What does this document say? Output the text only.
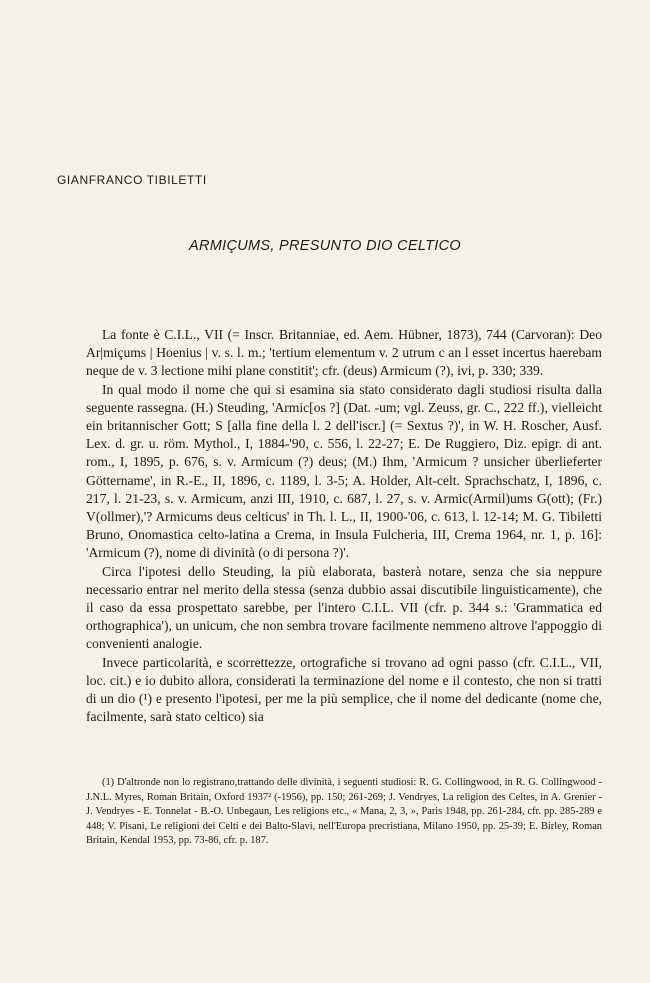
GIANFRANCO TIBILETTI
ARMIÇUMS, PRESUNTO DIO CELTICO

La fonte è C.I.L., VII (= Inscr. Britanniae, ed. Aem. Hübner, 1873), 744 (Carvoran): Deo Ar|miçums | Hoenius | v. s. l. m.; 'tertium elementum v. 2 utrum c an l esset incertus haerebam neque de v. 3 lectione mihi plane constitit'; cfr. (deus) Armicum (?), ivi, p. 330; 339.

In qual modo il nome che qui si esamina sia stato considerato dagli studiosi risulta dalla seguente rassegna. (H.) Steuding, 'Armic[os ?] (Dat. -um; vgl. Zeuss, gr. C., 222 ff.), vielleicht ein britannischer Gott; S [alla fine della l. 2 dell'iscr.] (= Sextus ?)', in W. H. Roscher, Ausf. Lex. d. gr. u. röm. Mythol., I, 1884-'90, c. 556, l. 22-27; E. De Ruggiero, Diz. epigr. di ant. rom., I, 1895, p. 676, s. v. Armicum (?) deus; (M.) Ihm, 'Armicum ? unsicher überlieferter Göttername', in R.-E., II, 1896, c. 1189, l. 3-5; A. Holder, Alt-celt. Sprachschatz, I, 1896, c. 217, l. 21-23, s. v. Armicum, anzi III, 1910, c. 687, l. 27, s. v. Armic(Armil)ums G(ott); (Fr.) V(ollmer),'? Armicums deus celticus' in Th. l. L., II, 1900-'06, c. 613, l. 12-14; M. G. Tibiletti Bruno, Onomastica celto-latina a Crema, in Insula Fulcheria, III, Crema 1964, nr. 1, p. 16]: 'Armicum (?), nome di divinità (o di persona ?)'.

Circa l'ipotesi dello Steuding, la più elaborata, basterà notare, senza che sia neppure necessario entrar nel merito della stessa (senza dubbio assai discutibile linguisticamente), che il caso da essa prospettato sarebbe, per l'intero C.I.L. VII (cfr. p. 344 s.: 'Grammatica ed orthographica'), un unicum, che non sembra trovare facilmente nemmeno altrove l'appoggio di convenienti analogie.

Invece particolarità, e scorrettezze, ortografiche si trovano ad ogni passo (cfr. C.I.L., VII, loc. cit.) e io dubito allora, considerati la terminazione del nome e il contesto, che non si tratti di un dio (¹) e presento l'ipotesi, per me la più semplice, che il nome del dedicante (nome che, facilmente, sarà stato celtico) sia

(1) D'altronde non lo registrano,trattando delle divinità, i seguenti studiosi: R. G. Collingwood, in R. G. Collingwood - J.N.L. Myres, Roman Britain, Oxford 1937² (-1956), pp. 150; 261-269; J. Vendryes, La religion des Celtes, in A. Grenier - J. Vendryes - E. Tonnelat - B.-O. Unbegaun, Les religions etc., « Mana, 2, 3, », Paris 1948, pp. 261-284, cfr. pp. 285-289 e 448; V. Pisani, Le religioni dei Celti e dei Balto-Slavi, nell'Europa precristiana, Milano 1950, pp. 25-39; E. Birley, Roman Britain, Kendal 1953, pp. 73-86, cfr. p. 187.
